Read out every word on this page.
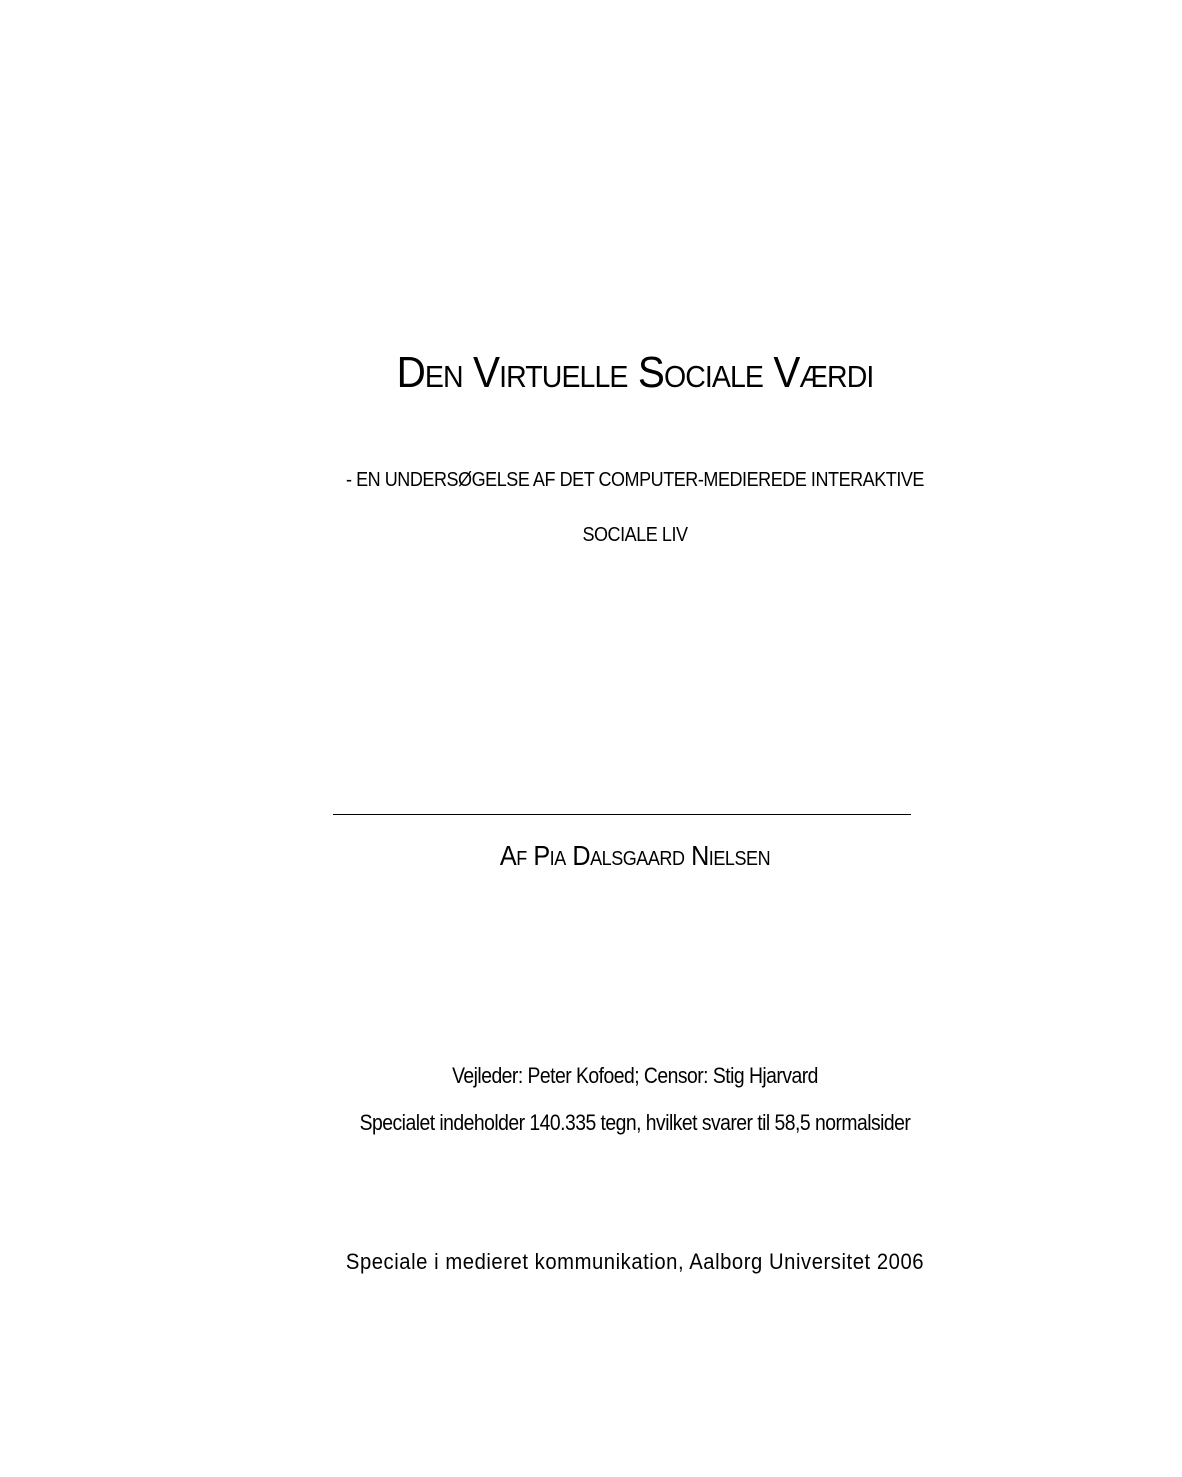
Den Virtuelle Sociale Værdi
- EN UNDERSØGELSE AF DET COMPUTER-MEDIEREDE INTERAKTIVE
SOCIALE LIV
Af Pia Dalsgaard Nielsen
Vejleder: Peter Kofoed; Censor: Stig Hjarvard
Specialet indeholder 140.335 tegn, hvilket svarer til 58,5 normalsider
Speciale i medieret kommunikation, Aalborg Universitet 2006
